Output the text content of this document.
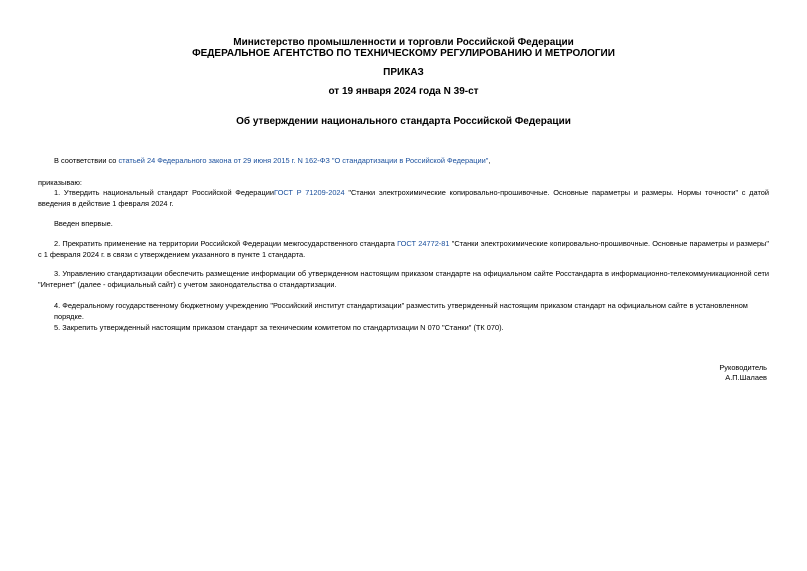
Министерство промышленности и торговли Российской Федерации
ФЕДЕРАЛЬНОЕ АГЕНТСТВО ПО ТЕХНИЧЕСКОМУ РЕГУЛИРОВАНИЮ И МЕТРОЛОГИИ
ПРИКАЗ
от 19 января 2024 года N 39-ст
Об утверждении национального стандарта Российской Федерации
В соответствии со статьей 24 Федерального закона от 29 июня 2015 г. N 162-ФЗ "О стандартизации в Российской Федерации",
приказываю:
1. Утвердить национальный стандарт Российской ФедерацииГОСТ Р 71209-2024 "Станки электрохимические копировально-прошивочные. Основные параметры и размеры. Нормы точности" с датой введения в действие 1 февраля 2024 г.
Введен впервые.
2. Прекратить применение на территории Российской Федерации межгосударственного стандарта ГОСТ 24772-81 "Станки электрохимические копировально-прошивочные. Основные параметры и размеры" с 1 февраля 2024 г. в связи с утверждением указанного в пункте 1 стандарта.
3. Управлению стандартизации обеспечить размещение информации об утвержденном настоящим приказом стандарте на официальном сайте Росстандарта в информационно-телекоммуникационной сети "Интернет" (далее - официальный сайт) с учетом законодательства о стандартизации.
4. Федеральному государственному бюджетному учреждению "Российский институт стандартизации" разместить утвержденный настоящим приказом стандарт на официальном сайте в установленном порядке.
5. Закрепить утвержденный настоящим приказом стандарт за техническим комитетом по стандартизации N 070 "Станки" (ТК 070).
Руководитель
А.П.Шалаев
